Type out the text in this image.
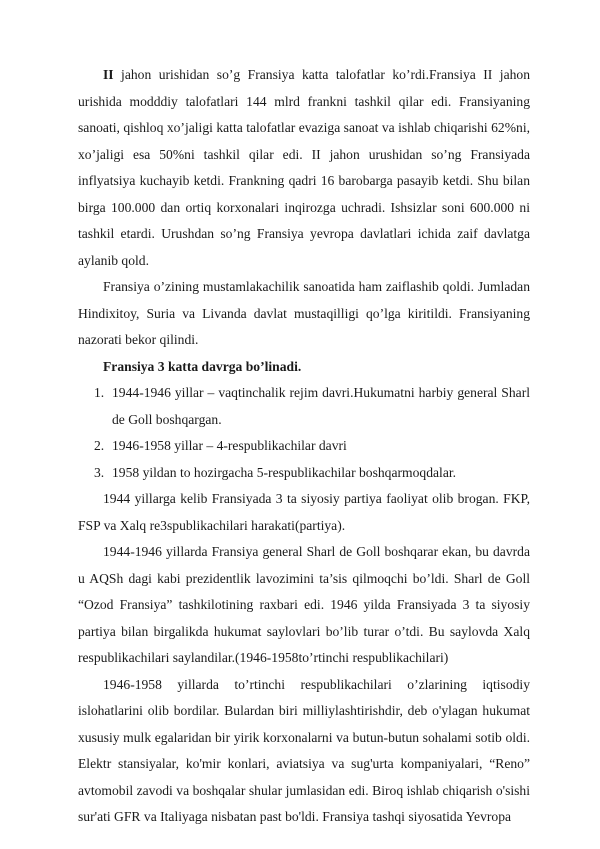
II jahon urishidan so’g Fransiya katta talofatlar ko’rdi.Fransiya II jahon urishida modddiy talofatlari 144 mlrd frankni tashkil qilar edi. Fransiyaning sanoati, qishloq xo’jaligi katta talofatlar evaziga sanoat va ishlab chiqarishi 62%ni, xo’jaligi esa 50%ni tashkil qilar edi. II jahon urushidan so’ng Fransiyada inflyatsiya kuchayib ketdi. Frankning qadri 16 barobarga pasayib ketdi. Shu bilan birga 100.000 dan ortiq korxonalari inqirozga uchradi. Ishsizlar soni 600.000 ni tashkil etardi. Urushdan so’ng Fransiya yevropa davlatlari ichida zaif davlatga aylanib qold.

Fransiya o’zining mustamlakachilik sanoatida ham zaiflashib qoldi. Jumladan Hindixitoy, Suria va Livanda davlat mustaqilligi qo’lga kiritildi. Fransiyaning nazorati bekor qilindi.

Fransiya 3 katta davrga bo’linadi.

1. 1944-1946 yillar – vaqtinchalik rejim davri.Hukumatni harbiy general Sharl de Goll boshqargan.
2. 1946-1958 yillar – 4-respublikachilar davri
3. 1958 yildan to hozirgacha 5-respublikachilar boshqarmoqdalar.

1944 yillarga kelib Fransiyada 3 ta siyosiy partiya faoliyat olib brogan. FKP, FSP va Xalq re3spublikachilari harakati(partiya).

1944-1946 yillarda Fransiya general Sharl de Goll boshqarar ekan, bu davrda u AQSh dagi kabi prezidentlik lavozimini ta’sis qilmoqchi bo’ldi. Sharl de Goll “Ozod Fransiya” tashkilotining raxbari edi. 1946 yilda Fransiyada 3 ta siyosiy partiya bilan birgalikda hukumat saylovlari bo’lib turar o’tdi. Bu saylovda Xalq respublikachilari saylandilar.(1946-1958to’rtinchi respublikachilari)

1946-1958 yillarda to’rtinchi respublikachilari o’zlarining iqtisodiy islohatlarini olib bordilar. Bulardan biri milliylashtirishdir, deb o'ylagan hukumat xususiy mulk egalaridan bir yirik korxonalarni va butun-butun sohalami sotib oldi. Elektr stansiyalar, ko'mir konlari, aviatsiya va sug'urta kompaniyalari, “Reno” avtomobil zavodi va boshqalar shular jumlasidan edi. Biroq ishlab chiqarish o'sishi sur'ati GFR va Italiyaga nisbatan past bo'ldi. Fransiya tashqi siyosatida Yevropa
